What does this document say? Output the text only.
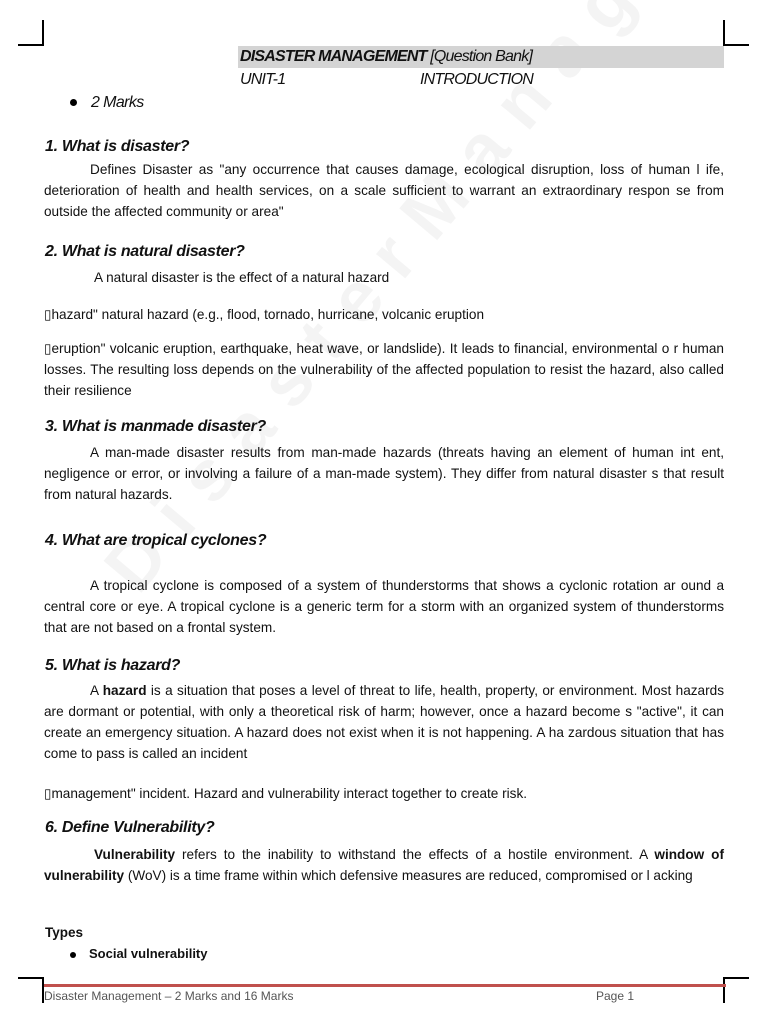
DISASTER MANAGEMENT [Question Bank]
UNIT-1	INTRODUCTION
2 Marks
1. What is disaster?
Defines Disaster as "any occurrence that causes damage, ecological disruption, loss of human l ife, deterioration of health and health services, on a scale sufficient to warrant an extraordinary respon se from outside the affected community or area"
2. What is natural disaster?
A natural disaster is the effect of a natural hazard
▯hazard" natural hazard (e.g., flood, tornado, hurricane, volcanic eruption
▯eruption" volcanic eruption, earthquake, heat wave, or landslide). It leads to financial, environmental o r human losses. The resulting loss depends on the vulnerability of the affected population to resist the hazard, also called their resilience
3. What is manmade disaster?
A man-made disaster results from man-made hazards (threats having an element of human int ent, negligence or error, or involving a failure of a man-made system). They differ from natural disaster s that result from natural hazards.
4. What are tropical cyclones?
A tropical cyclone is composed of a system of thunderstorms that shows a cyclonic rotation ar ound a central core or eye. A tropical cyclone is a generic term for a storm with an organized system of thunderstorms that are not based on a frontal system.
5. What is hazard?
A hazard is a situation that poses a level of threat to life, health, property, or environment. Most hazards are dormant or potential, with only a theoretical risk of harm; however, once a hazard become s "active", it can create an emergency situation. A hazard does not exist when it is not happening. A ha zardous situation that has come to pass is called an incident
▯management" incident. Hazard and vulnerability interact together to create risk.
6. Define Vulnerability?
Vulnerability refers to the inability to withstand the effects of a hostile environment. A window of vulnerability (WoV) is a time frame within which defensive measures are reduced, compromised or l acking
Types
Social vulnerability
Disaster Management – 2 Marks and 16 Marks	Page 1
